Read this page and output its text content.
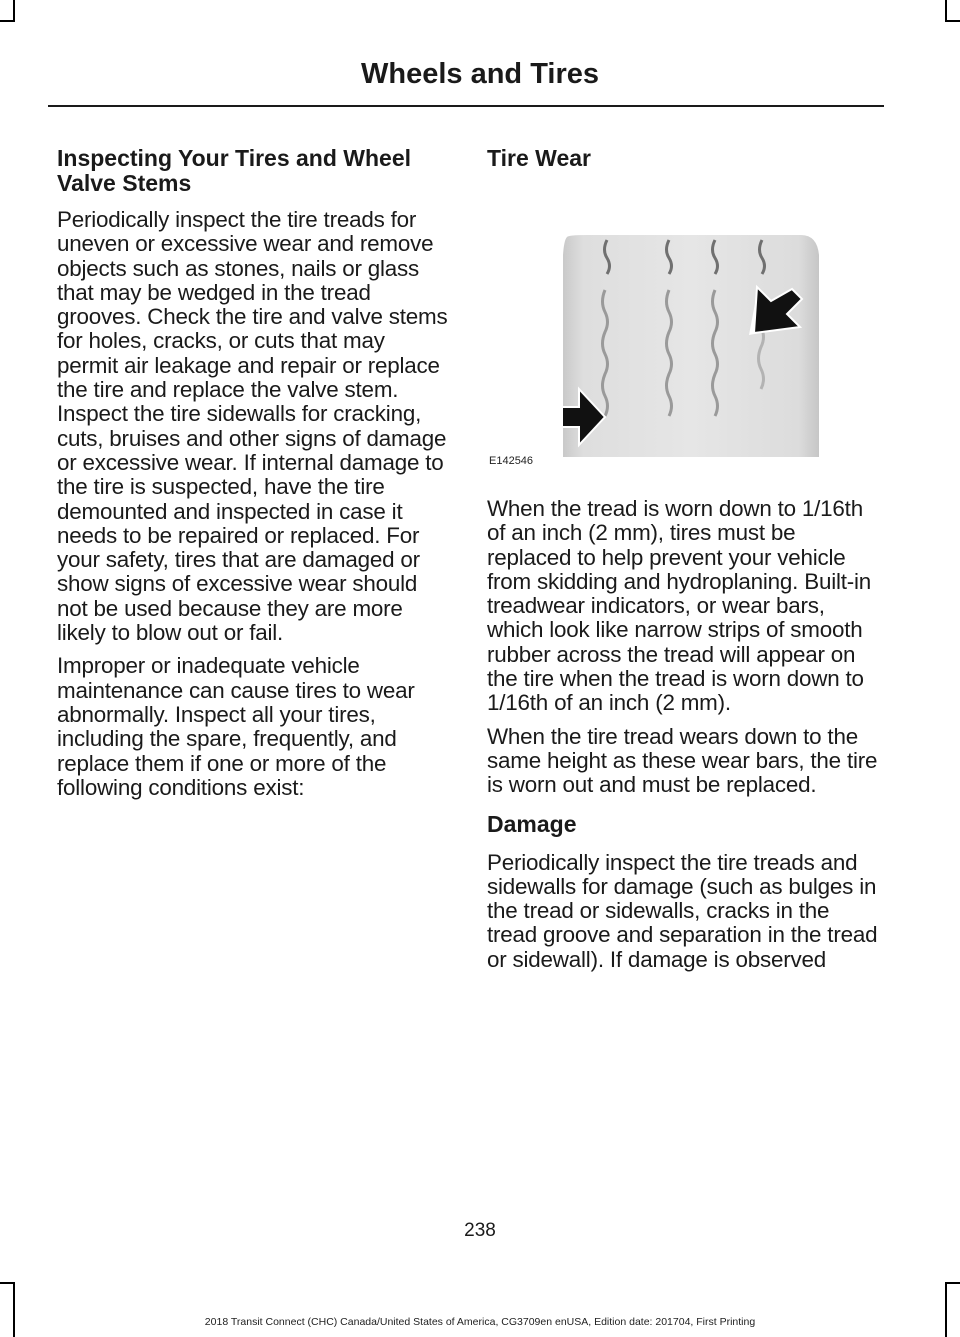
Wheels and Tires
Inspecting Your Tires and Wheel Valve Stems

Periodically inspect the tire treads for uneven or excessive wear and remove objects such as stones, nails or glass that may be wedged in the tread grooves. Check the tire and valve stems for holes, cracks, or cuts that may permit air leakage and repair or replace the tire and replace the valve stem. Inspect the tire sidewalls for cracking, cuts, bruises and other signs of damage or excessive wear. If internal damage to the tire is suspected, have the tire demounted and inspected in case it needs to be repaired or replaced. For your safety, tires that are damaged or show signs of excessive wear should not be used because they are more likely to blow out or fail.

Improper or inadequate vehicle maintenance can cause tires to wear abnormally. Inspect all your tires, including the spare, frequently, and replace them if one or more of the following conditions exist:

Tire Wear
E142546

When the tread is worn down to 1/16th of an inch (2 mm), tires must be replaced to help prevent your vehicle from skidding and hydroplaning. Built-in treadwear indicators, or wear bars, which look like narrow strips of smooth rubber across the tread will appear on the tire when the tread is worn down to 1/16th of an inch (2 mm).

When the tire tread wears down to the same height as these wear bars, the tire is worn out and must be replaced.

Damage

Periodically inspect the tire treads and sidewalls for damage (such as bulges in the tread or sidewalls, cracks in the tread groove and separation in the tread or sidewall). If damage is observed

238
2018 Transit Connect (CHC) Canada/United States of America, CG3709en enUSA, Edition date: 201704, First Printing
